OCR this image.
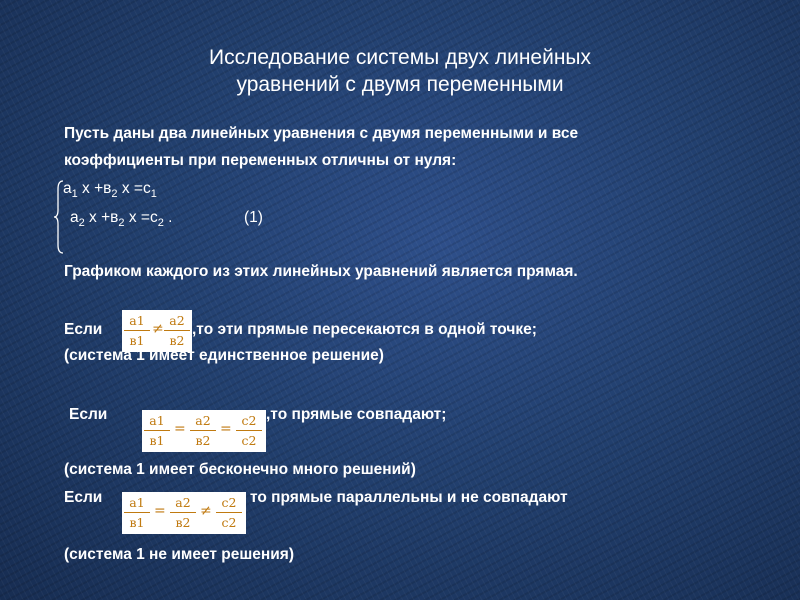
Исследование системы двух линейных
уравнений с двумя переменными
Пусть даны два линейных уравнения с двумя переменными и все
коэффициенты при переменных отличны от нуля:
$а_1$ $х +в_2$ $х =с_1$
$а_2$ $х +в_2$ $х =с_2$ .	(1)
Графиком каждого из этих линейных уравнений является прямая.
Если
а1
в1
≠
а2
в2
,то эти прямые пересекаются в одной точке;
(система 1 имеет единственное решение)
Если	а1
в1
=
а2
в2
=
с2
с2
,то прямые совпадают;
(система 1 имеет бесконечно много решений)
Если	а1
в1
=
а2
в2
≠
с2
с2
то прямые параллельны и не совпадают
(система 1 не имеет решения)
